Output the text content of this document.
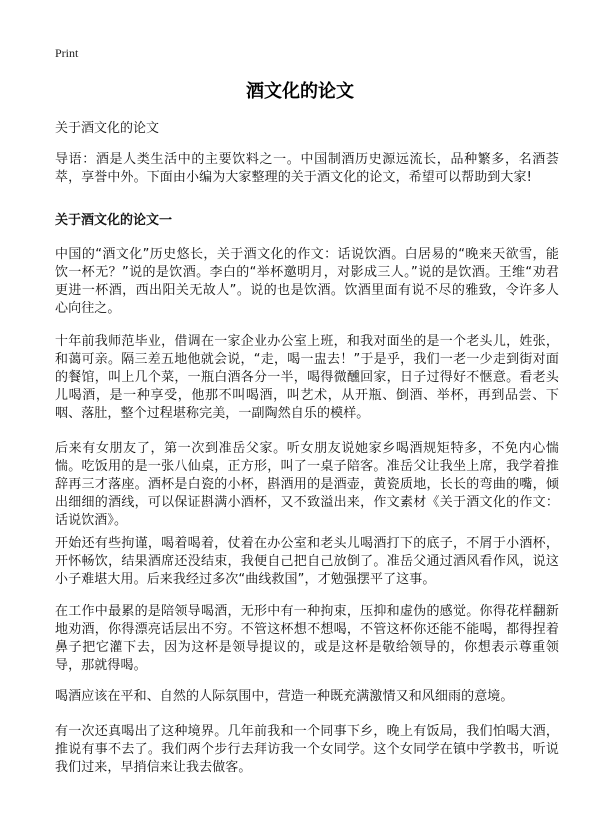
Print
酒文化的论文
关于酒文化的论文

导语：酒是人类生活中的主要饮料之一。中国制酒历史源远流长，品种繁多，名酒荟萃，享誉中外。下面由小编为大家整理的关于酒文化的论文，希望可以帮助到大家!

关于酒文化的论文一

中国的“酒文化”历史悠长，关于酒文化的作文：话说饮酒。白居易的“晚来天欲雪，能饮一杯无？”说的是饮酒。李白的“举杯邀明月，对影成三人。”说的是饮酒。王维“劝君更进一杯酒，西出阳关无故人”。说的也是饮酒。饮酒里面有说不尽的雅致，令许多人心向往之。

十年前我师范毕业，借调在一家企业办公室上班，和我对面坐的是一个老头儿，姓张，和蔼可亲。隔三差五地他就会说，“走，喝一盅去！”于是乎，我们一老一少走到街对面的餐馆，叫上几个菜，一瓶白酒各分一半，喝得微醺回家，日子过得好不惬意。看老头儿喝酒，是一种享受，他那不叫喝酒，叫艺术，从开瓶、倒酒、举杯，再到品尝、下咽、落肚，整个过程堪称完美，一副陶然自乐的模样。

后来有女朋友了，第一次到准岳父家。听女朋友说她家乡喝酒规矩特多，不免内心惴惴。吃饭用的是一张八仙桌，正方形，叫了一桌子陪客。准岳父让我坐上席，我学着推辞再三才落座。酒杯是白瓷的小杯，斟酒用的是酒壶，黄瓷质地，长长的弯曲的嘴，倾出细细的酒线，可以保证斟满小酒杯，又不致溢出来，作文素材《关于酒文化的作文：话说饮酒》。

开始还有些拘谨，喝着喝着，仗着在办公室和老头儿喝酒打下的底子，不屑于小酒杯，开怀畅饮，结果酒席还没结束，我便自己把自己放倒了。准岳父通过酒风看作风，说这小子难堪大用。后来我经过多次“曲线救国”，才勉强摆平了这事。

在工作中最累的是陪领导喝酒，无形中有一种拘束，压抑和虚伪的感觉。你得花样翻新地劝酒，你得漂亮话层出不穷。不管这杯想不想喝，不管这杯你还能不能喝，都得捏着鼻子把它灌下去，因为这杯是领导提议的，或是这杯是敬给领导的，你想表示尊重领导，那就得喝。

喝酒应该在平和、自然的人际氛围中，营造一种既充满激情又和风细雨的意境。

有一次还真喝出了这种境界。几年前我和一个同事下乡，晚上有饭局，我们怕喝大酒，推说有事不去了。我们两个步行去拜访我一个女同学。这个女同学在镇中学教书，听说我们过来，早捎信来让我去做客。
